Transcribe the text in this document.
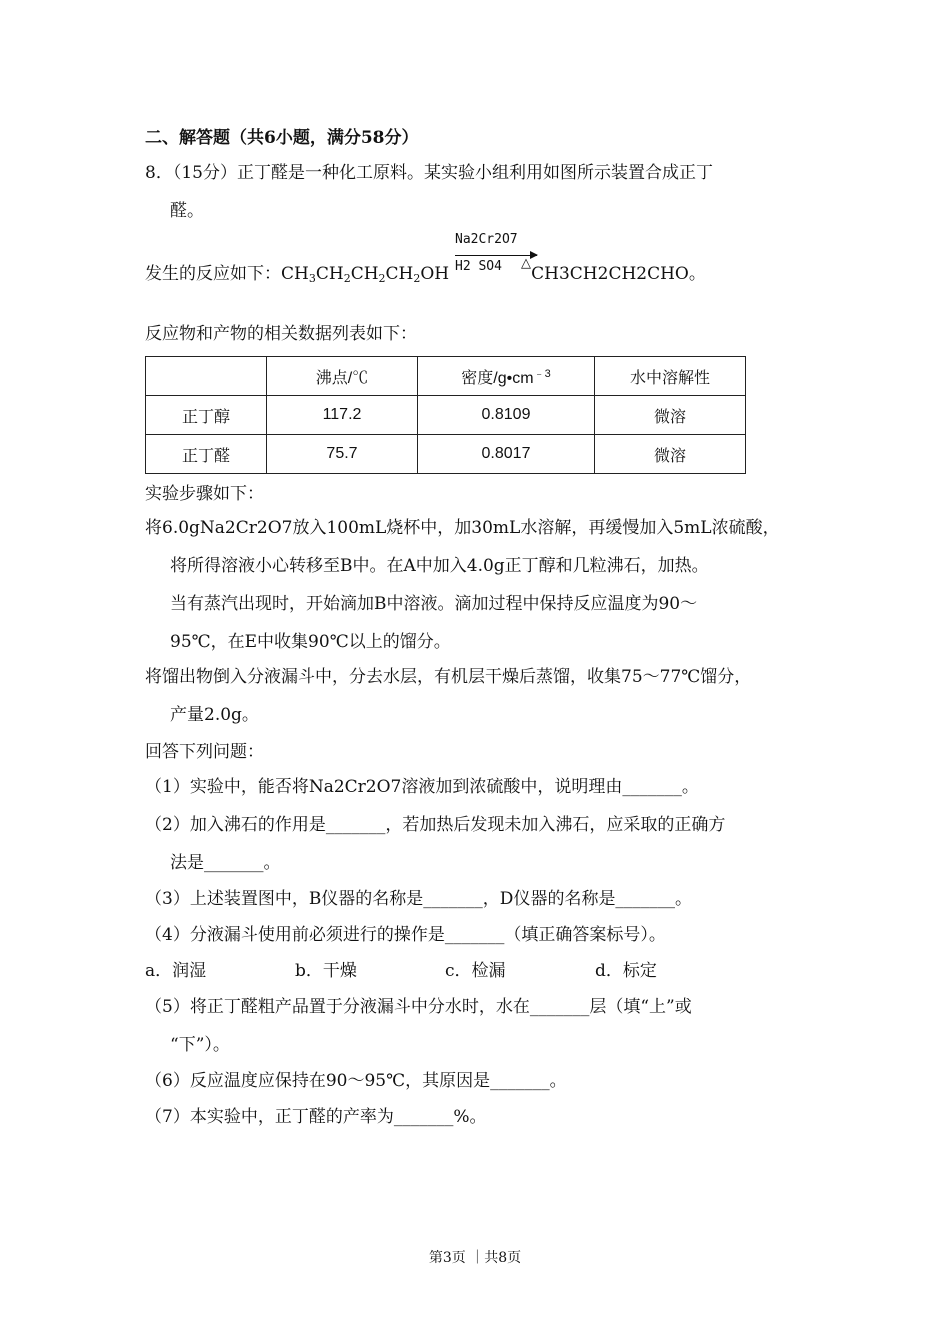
二、解答题（共6小题，满分58分）
8．（15分）正丁醛是一种化工原料。某实验小组利用如图所示装置合成正丁
醛。
发生的反应如下：$CH_3CH_2CH_2CH_2OH$	CH3CH2CH2CHO。
Na2Cr2O7
H2 SO4 △
反应物和产物的相关数据列表如下：
	沸点/℃	密度$/g•cm^{﹣3}$	水中溶解性
正丁醇	117.2	0.8109	微溶
正丁醛	75.7	0.8017	微溶
实验步骤如下：
将6.0gNa2Cr2O7放入100mL烧杯中，加30mL水溶解，再缓慢加入5mL浓硫酸，
将所得溶液小心转移至B中。在A中加入4.0g正丁醇和几粒沸石，加热。
当有蒸汽出现时，开始滴加B中溶液。滴加过程中保持反应温度为90～
95℃，在E中收集90℃以上的馏分。
将馏出物倒入分液漏斗中，分去水层，有机层干燥后蒸馏，收集75～77℃馏分，
产量2.0g。
回答下列问题：
（1）实验中，能否将Na2Cr2O7溶液加到浓硫酸中，说明理由_______。
（2）加入沸石的作用是_______，若加热后发现未加入沸石，应采取的正确方
法是_______。
（3）上述装置图中，B仪器的名称是_______，D仪器的名称是_______。
（4）分液漏斗使用前必须进行的操作是_______（填正确答案标号）。
a．润湿	b．干燥	c．检漏	d．标定
（5）将正丁醛粗产品置于分液漏斗中分水时，水在_______层（填“上”或
“下”）。
（6）反应温度应保持在90～95℃，其原因是_______。
（7）本实验中，正丁醛的产率为_______%。
第3页 ｜共8页
